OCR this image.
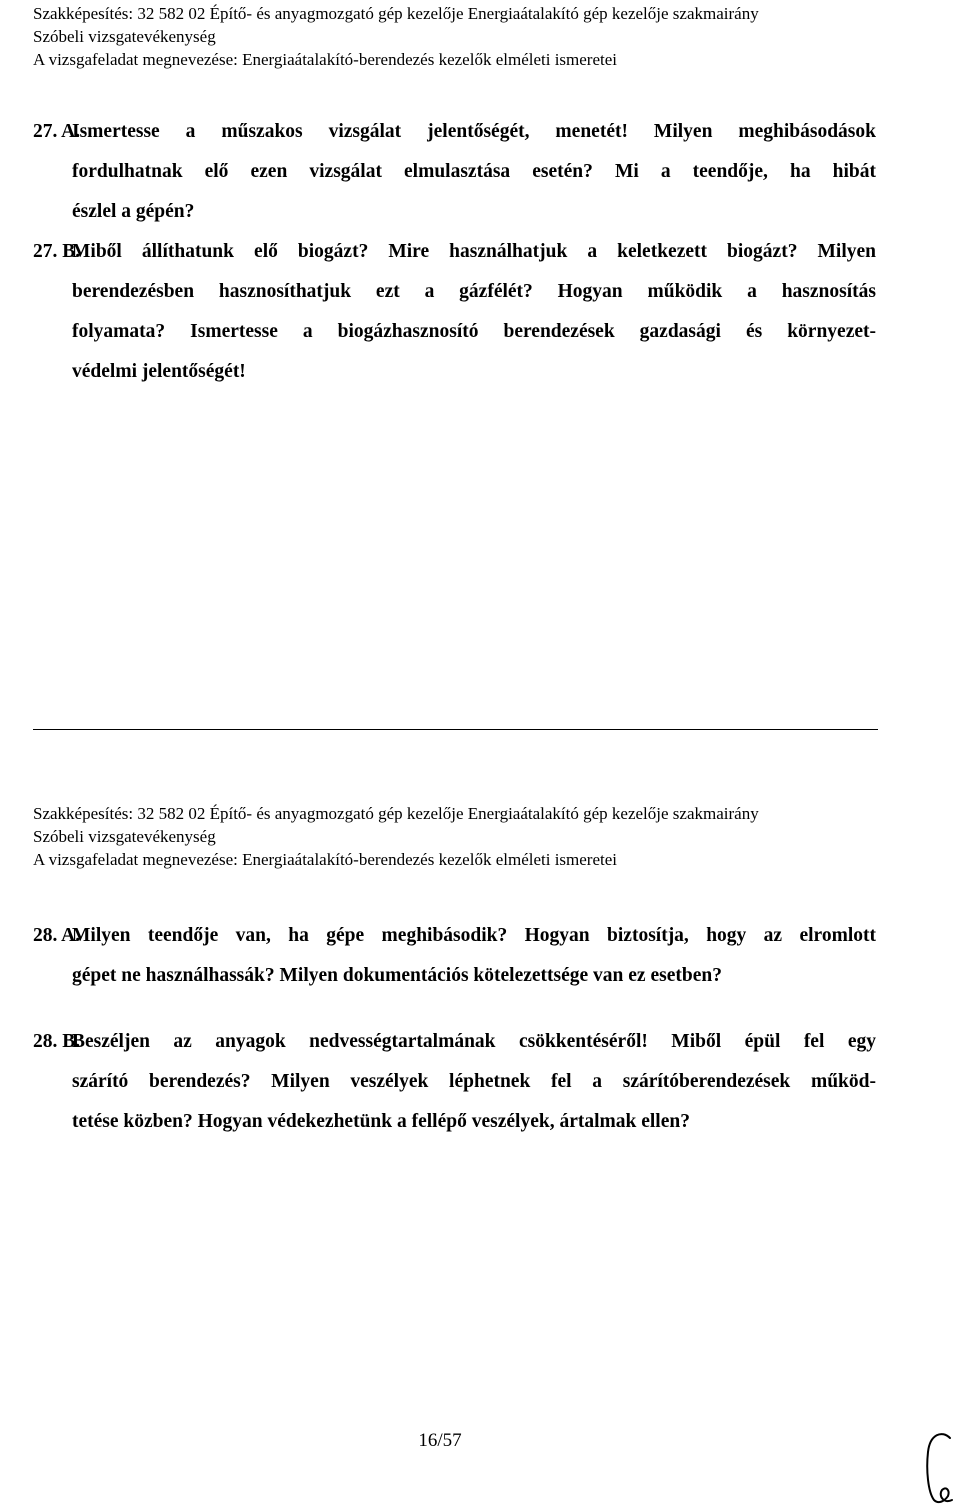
Szakképesítés: 32 582 02 Építő- és anyagmozgató gép kezelője Energiaátalakító gép kezelője szakmairány
Szóbeli vizsgatevékenység
A vizsgafeladat megnevezése: Energiaátalakító-berendezés kezelők elméleti ismeretei
27. A.Ismertesse a műszakos vizsgálat jelentőségét, menetét! Milyen meghibásodások
fordulhatnak elő ezen vizsgálat elmulasztása esetén? Mi a teendője, ha hibát
észlel a gépén?
27. B.Miből állíthatunk elő biogázt? Mire használhatjuk a keletkezett biogázt? Milyen
berendezésben hasznosíthatjuk ezt a gázfélét? Hogyan működik a hasznosítás
folyamata? Ismertesse a biogázhasznosító berendezések gazdasági és környezet-
védelmi jelentőségét!
Szakképesítés: 32 582 02 Építő- és anyagmozgató gép kezelője Energiaátalakító gép kezelője szakmairány
Szóbeli vizsgatevékenység
A vizsgafeladat megnevezése: Energiaátalakító-berendezés kezelők elméleti ismeretei
28. A.Milyen teendője van, ha gépe meghibásodik? Hogyan biztosítja, hogy az elromlott
gépet ne használhassák? Milyen dokumentációs kötelezettsége van ez esetben?
28. B.Beszéljen az anyagok nedvességtartalmának csökkentéséről! Miből épül fel egy
szárító berendezés? Milyen veszélyek léphetnek fel a szárítóberendezések működ-
tetése közben? Hogyan védekezhetünk a fellépő veszélyek, ártalmak ellen?
16/57
